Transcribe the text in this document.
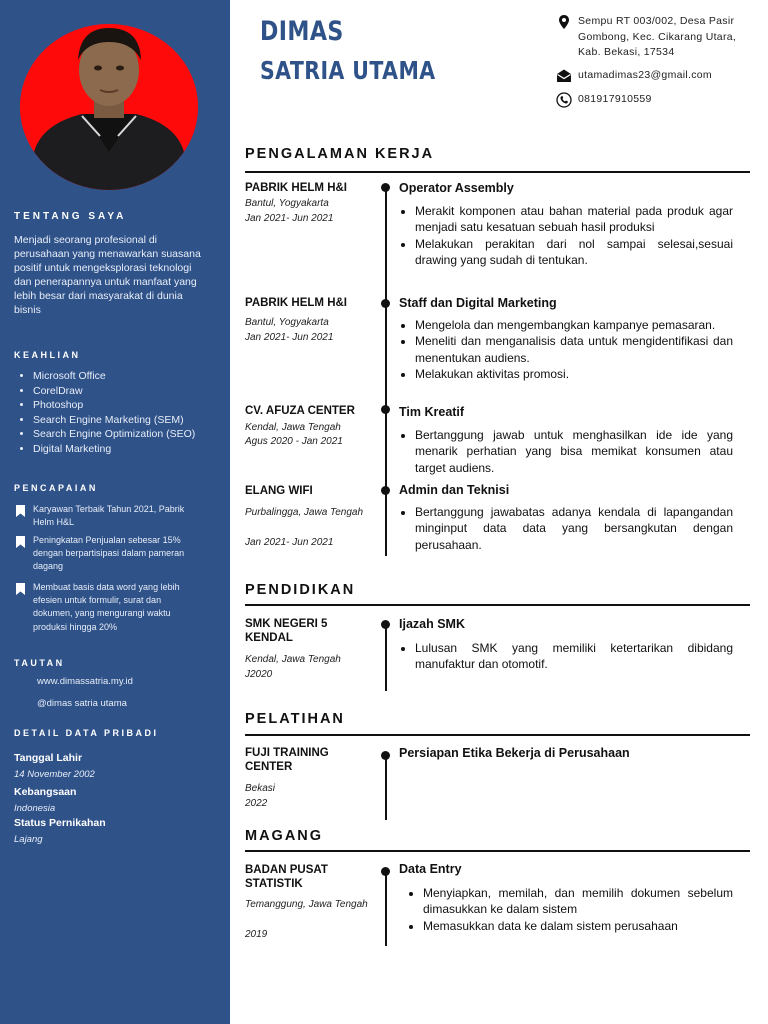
TENTANG SAYA

Menjadi seorang profesional di perusahaan yang menawarkan suasana positif untuk mengeksplorasi teknologi dan penerapannya untuk manfaat yang lebih besar dari masyarakat di dunia bisnis

KEAHLIAN
• Microsoft Office
• CorelDraw
• Photoshop
• Search Engine Marketing (SEM)
• Search Engine Optimization (SEO)
• Digital Marketing
PENCAPAIAN
Karyawan Terbaik Tahun 2021, Pabrik Helm H&L
Peningkatan Penjualan sebesar 15% dengan berpartisipasi dalam pameran dagang
Membuat basis data word yang lebih efesien untuk formulir, surat dan dokumen, yang mengurangi waktu produksi hingga 20%
TAUTAN
www.dimassatria.my.id
@dimas satria utama
DETAIL DATA PRIBADI
Tanggal Lahir
14 November 2002
Kebangsaan
Indonesia
Status Pernikahan
Lajang
DIMAS
SATRIA UTAMA
Sempu RT 003/002, Desa Pasir Gombong, Kec. Cikarang Utara, Kab. Bekasi, 17534
utamadimas23@gmail.com
081917910559
PENGALAMAN KERJA
PABRIK HELM H&I
Bantul, Yogyakarta
Jan 2021- Jun 2021
Operator Assembly
• Merakit komponen atau bahan material pada produk agar menjadi satu kesatuan sebuah hasil produksi
• Melakukan perakitan dari nol sampai selesai,sesuai drawing yang sudah di tentukan.
PABRIK HELM H&I
Bantul, Yogyakarta
Jan 2021- Jun 2021
Staff dan Digital Marketing
• Mengelola dan mengembangkan kampanye pemasaran.
• Meneliti dan menganalisis data untuk mengidentifikasi dan menentukan audiens.
• Melakukan aktivitas promosi.
CV. AFUZA CENTER
Kendal, Jawa Tengah
Agus 2020 - Jan 2021
Tim Kreatif
• Bertanggung jawab untuk menghasilkan ide ide yang menarik perhatian yang bisa memikat konsumen atau target audiens.
ELANG WIFI
Purbalingga, Jawa Tengah
Jan 2021- Jun 2021
Admin dan Teknisi
• Bertanggung jawabatas adanya kendala di lapangandan minginput data data yang bersangkutan dengan perusahaan.
PENDIDIKAN
SMK NEGERI 5 KENDAL
Kendal, Jawa Tengah
J2020
Ijazah SMK
• Lulusan SMK yang memiliki ketertarikan dibidang manufaktur dan otomotif.
PELATIHAN
FUJI TRAINING CENTER
Bekasi
2022
Persiapan Etika Bekerja di Perusahaan
MAGANG
BADAN PUSAT STATISTIK
Temanggung, Jawa Tengah
2019
Data Entry
• Menyiapkan, memilah, dan memilih dokumen sebelum dimasukkan ke dalam sistem
• Memasukkan data ke dalam sistem perusahaan
